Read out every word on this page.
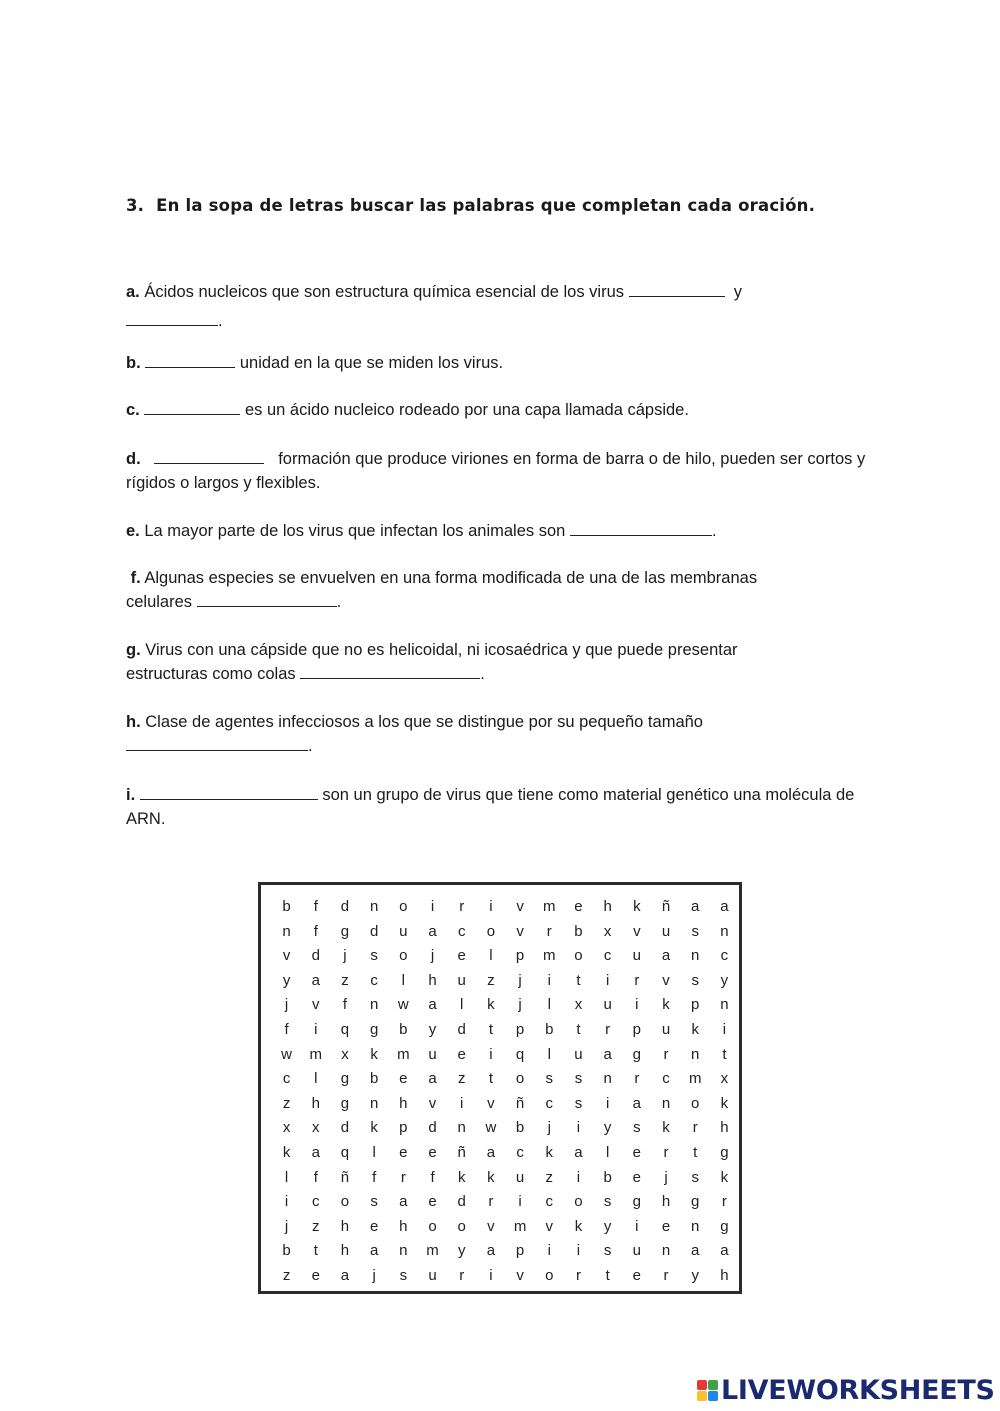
3. En la sopa de letras buscar las palabras que completan cada oración.
a. Ácidos nucleicos que son estructura química esencial de los virus	y
.
b.	unidad en la que se miden los virus.
c.	es un ácido nucleico rodeado por una capa llamada cápside.
d.	formación que produce viriones en forma de barra o de hilo, pueden ser cortos y rígidos o largos y flexibles.
e. La mayor parte de los virus que infectan los animales son	.
f. Algunas especies se envuelven en una forma modificada de una de las membranas
celulares	.
g. Virus con una cápside que no es helicoidal, ni icosaédrica y que puede presentar
estructuras como colas	.
h. Clase de agentes infecciosos a los que se distingue por su pequeño tamaño
.
i.	son un grupo de virus que tiene como material genético una molécula de ARN.
b	f	d	n	o	i	r	i	v	m	e	h	k	ñ	a	a
n	f	g	d	u	a	c	o	v	r	b	x	v	u	s	n
v	d	j	s	o	j	e	l	p	m	o	c	u	a	n	c
y	a	z	c	l	h	u	z	j	i	t	i	r	v	s	y
j	v	f	n	w	a	l	k	j	l	x	u	i	k	p	n
f	i	q	g	b	y	d	t	p	b	t	r	p	u	k	i
w	m	x	k	m	u	e	i	q	l	u	a	g	r	n	t
c	l	g	b	e	a	z	t	o	s	s	n	r	c	m	x
z	h	g	n	h	v	i	v	ñ	c	s	i	a	n	o	k
x	x	d	k	p	d	n	w	b	j	i	y	s	k	r	h
k	a	q	l	e	e	ñ	a	c	k	a	l	e	r	t	g
l	f	ñ	f	r	f	k	k	u	z	i	b	e	j	s	k
i	c	o	s	a	e	d	r	i	c	o	s	g	h	g	r
j	z	h	e	h	o	o	v	m	v	k	y	i	e	n	g
b	t	h	a	n	m	y	a	p	i	i	s	u	n	a	a
z	e	a	j	s	u	r	i	v	o	r	t	e	r	y	h
LIVEWORKSHEETS
